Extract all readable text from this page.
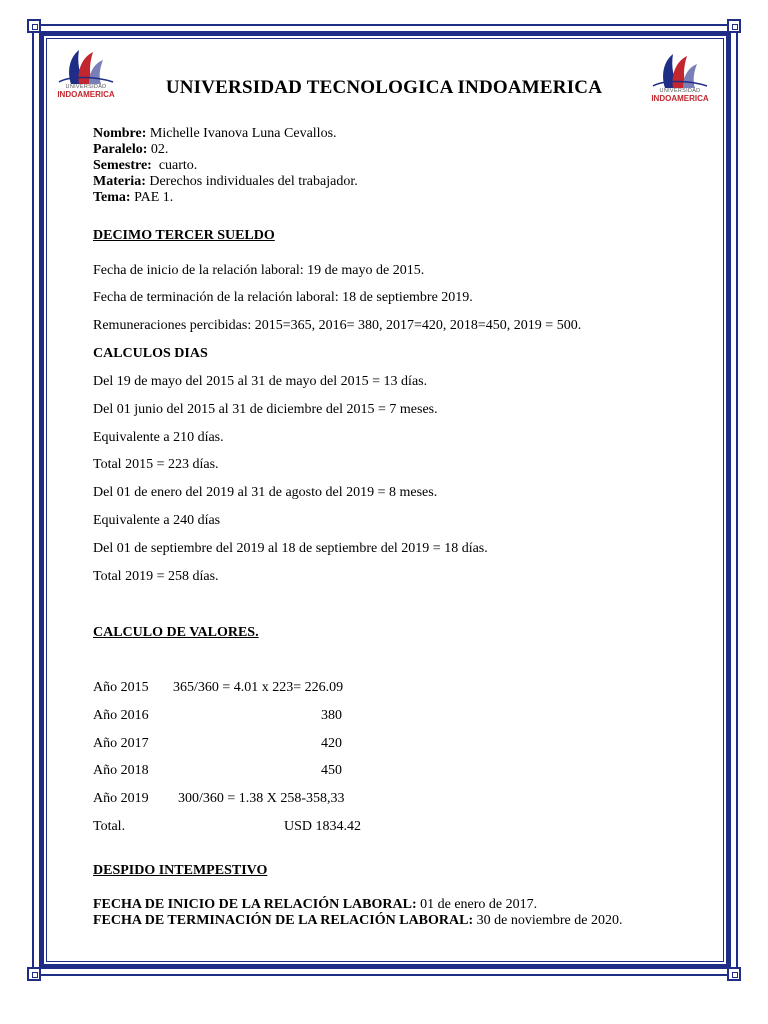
UNIVERSIDAD
INDOAMERICA	UNIVERSIDAD
INDOAMERICA
UNIVERSIDAD TECNOLOGICA INDOAMERICA
Nombre: Michelle Ivanova Luna Cevallos.
Paralelo: 02.
Semestre:  cuarto.
Materia: Derechos individuales del trabajador.
Tema: PAE 1.
DECIMO TERCER SUELDO
Fecha de inicio de la relación laboral: 19 de mayo de 2015.
Fecha de terminación de la relación laboral: 18 de septiembre 2019.
Remuneraciones percibidas: 2015=365, 2016= 380, 2017=420, 2018=450, 2019 = 500.
CALCULOS DIAS
Del 19 de mayo del 2015 al 31 de mayo del 2015 = 13 días.
Del 01 junio del 2015 al 31 de diciembre del 2015 = 7 meses.
Equivalente a 210 días.
Total 2015 = 223 días.
Del 01 de enero del 2019 al 31 de agosto del 2019 = 8 meses.
Equivalente a 240 días
Del 01 de septiembre del 2019 al 18 de septiembre del 2019 = 18 días.
Total 2019 = 258 días.
CALCULO DE VALORES.
Año 2015 365/360 = 4.01 x 223= 226.09
Año 2016	380
Año 2017	420
Año 2018	450
Año 2019 300/360 = 1.38 X 258-358,33
Total.	USD 1834.42
DESPIDO INTEMPESTIVO
FECHA DE INICIO DE LA RELACIÓN LABORAL: 01 de enero de 2017.
FECHA DE TERMINACIÓN DE LA RELACIÓN LABORAL: 30 de noviembre de 2020.
